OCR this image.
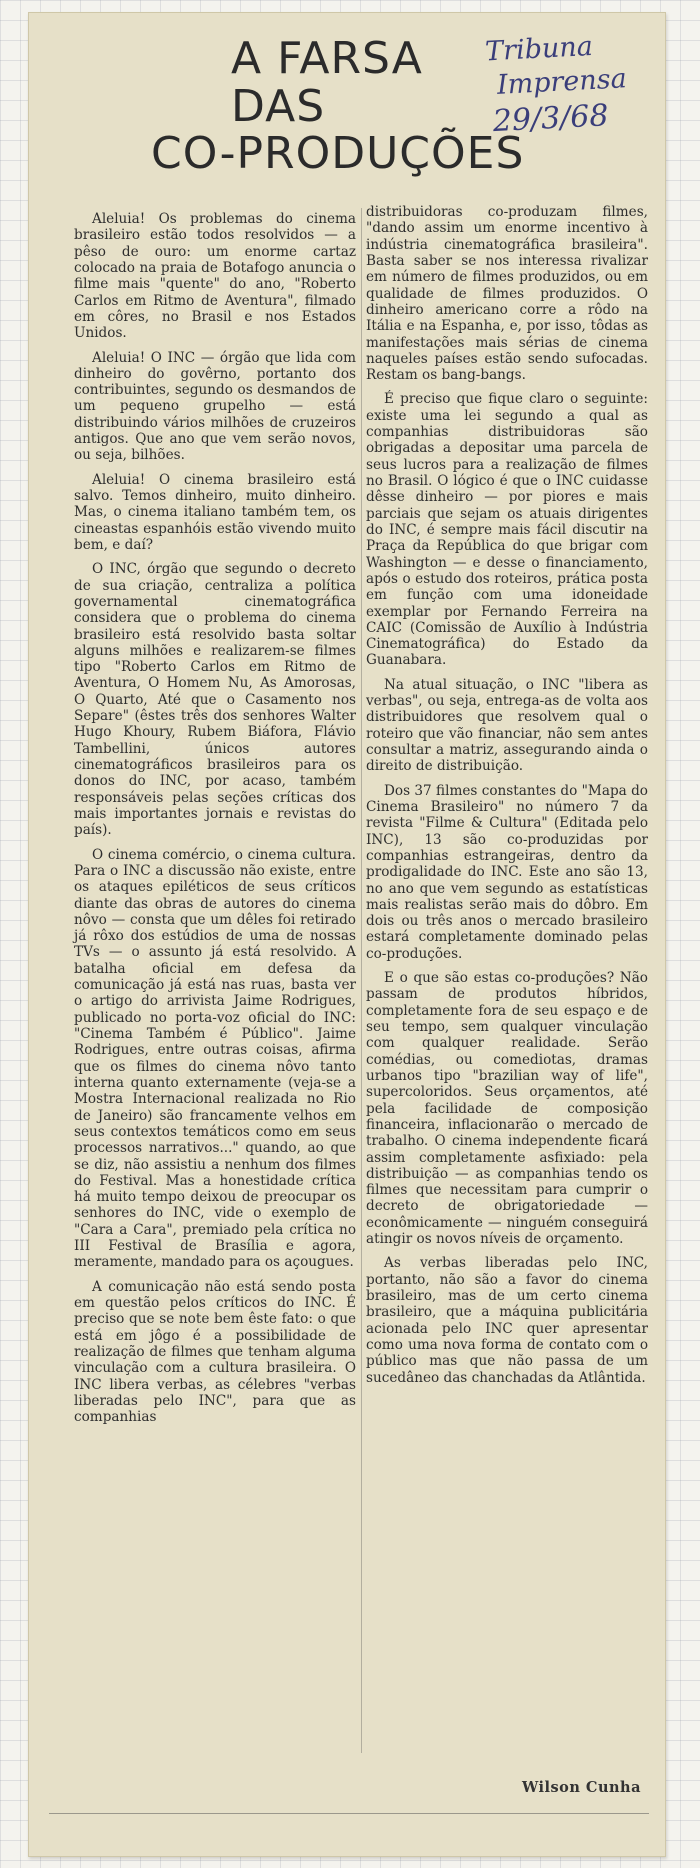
A FARSA
DAS
CO-PRODUÇÕES
Tribuna
Imprensa
29/3/68

Aleluia! Os problemas do cinema brasileiro estão todos resolvidos — a pêso de ouro: um enorme cartaz colocado na praia de Botafogo anuncia o filme mais "quente" do ano, "Roberto Carlos em Ritmo de Aventura", filmado em côres, no Brasil e nos Estados Unidos.

Aleluia! O INC — órgão que lida com dinheiro do govêrno, portanto dos contribuintes, segundo os desmandos de um pequeno grupelho — está distribuindo vários milhões de cruzeiros antigos. Que ano que vem serão novos, ou seja, bilhões.

Aleluia! O cinema brasileiro está salvo. Temos dinheiro, muito dinheiro. Mas, o cinema italiano também tem, os cineastas espanhóis estão vivendo muito bem, e daí?

O INC, órgão que segundo o decreto de sua criação, centraliza a política governamental cinematográfica considera que o problema do cinema brasileiro está resolvido basta soltar alguns milhões e realizarem-se filmes tipo "Roberto Carlos em Ritmo de Aventura, O Homem Nu, As Amorosas, O Quarto, Até que o Casamento nos Separe" (êstes três dos senhores Walter Hugo Khoury, Rubem Biáfora, Flávio Tambellini, únicos autores cinematográficos brasileiros para os donos do INC, por acaso, também responsáveis pelas seções críticas dos mais importantes jornais e revistas do país).

O cinema comércio, o cinema cultura. Para o INC a discussão não existe, entre os ataques epiléticos de seus críticos diante das obras de autores do cinema nôvo — consta que um dêles foi retirado já rôxo dos estúdios de uma de nossas TVs — o assunto já está resolvido. A batalha oficial em defesa da comunicação já está nas ruas, basta ver o artigo do arrivista Jaime Rodrigues, publicado no porta-voz oficial do INC: "Cinema Também é Público". Jaime Rodrigues, entre outras coisas, afirma que os filmes do cinema nôvo tanto interna quanto externamente (veja-se a Mostra Internacional realizada no Rio de Janeiro) são francamente velhos em seus contextos temáticos como em seus processos narrativos..." quando, ao que se diz, não assistiu a nenhum dos filmes do Festival. Mas a honestidade crítica há muito tempo deixou de preocupar os senhores do INC, vide o exemplo de "Cara a Cara", premiado pela crítica no III Festival de Brasília e agora, meramente, mandado para os açougues.

A comunicação não está sendo posta em questão pelos críticos do INC. É preciso que se note bem êste fato: o que está em jôgo é a possibilidade de realização de filmes que tenham alguma vinculação com a cultura brasileira. O INC libera verbas, as célebres "verbas liberadas pelo INC", para que as companhias

distribuidoras co-produzam filmes, "dando assim um enorme incentivo à indústria cinematográfica brasileira". Basta saber se nos interessa rivalizar em número de filmes produzidos, ou em qualidade de filmes produzidos. O dinheiro americano corre a rôdo na Itália e na Espanha, e, por isso, tôdas as manifestações mais sérias de cinema naqueles países estão sendo sufocadas. Restam os bang-bangs.

É preciso que fique claro o seguinte: existe uma lei segundo a qual as companhias distribuidoras são obrigadas a depositar uma parcela de seus lucros para a realização de filmes no Brasil. O lógico é que o INC cuidasse dêsse dinheiro — por piores e mais parciais que sejam os atuais dirigentes do INC, é sempre mais fácil discutir na Praça da República do que brigar com Washington — e desse o financiamento, após o estudo dos roteiros, prática posta em função com uma idoneidade exemplar por Fernando Ferreira na CAIC (Comissão de Auxílio à Indústria Cinematográfica) do Estado da Guanabara.

Na atual situação, o INC "libera as verbas", ou seja, entrega-as de volta aos distribuidores que resolvem qual o roteiro que vão financiar, não sem antes consultar a matriz, assegurando ainda o direito de distribuição.

Dos 37 filmes constantes do "Mapa do Cinema Brasileiro" no número 7 da revista "Filme & Cultura" (Editada pelo INC), 13 são co-produzidas por companhias estrangeiras, dentro da prodigalidade do INC. Este ano são 13, no ano que vem segundo as estatísticas mais realistas serão mais do dôbro. Em dois ou três anos o mercado brasileiro estará completamente dominado pelas co-produções.

E o que são estas co-produções? Não passam de produtos híbridos, completamente fora de seu espaço e de seu tempo, sem qualquer vinculação com qualquer realidade. Serão comédias, ou comediotas, dramas urbanos tipo "brazilian way of life", supercoloridos. Seus orçamentos, até pela facilidade de composição financeira, inflacionarão o mercado de trabalho. O cinema independente ficará assim completamente asfixiado: pela distribuição — as companhias tendo os filmes que necessitam para cumprir o decreto de obrigatoriedade — econômicamente — ninguém conseguirá atingir os novos níveis de orçamento.

As verbas liberadas pelo INC, portanto, não são a favor do cinema brasileiro, mas de um certo cinema brasileiro, que a máquina publicitária acionada pelo INC quer apresentar como uma nova forma de contato com o público mas que não passa de um sucedâneo das chanchadas da Atlântida.

Wilson Cunha
